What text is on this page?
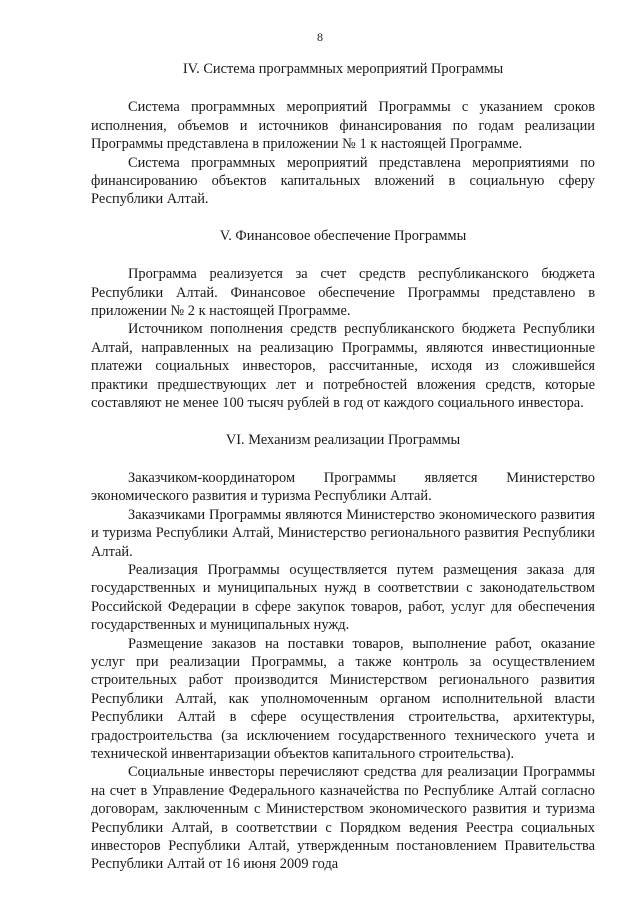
8
IV. Система программных мероприятий Программы

Система программных мероприятий Программы с указанием сроков исполнения, объемов и источников финансирования по годам реализации Программы представлена в приложении № 1 к настоящей Программе.

Система программных мероприятий представлена мероприятиями по финансированию объектов капитальных вложений в социальную сферу Республики Алтай.

V. Финансовое обеспечение Программы

Программа реализуется за счет средств республиканского бюджета Республики Алтай. Финансовое обеспечение Программы представлено в приложении № 2 к настоящей Программе.

Источником пополнения средств республиканского бюджета Республики Алтай, направленных на реализацию Программы, являются инвестиционные платежи социальных инвесторов, рассчитанные, исходя из сложившейся практики предшествующих лет и потребностей вложения средств, которые составляют не менее 100 тысяч рублей в год от каждого социального инвестора.

VI. Механизм реализации Программы

Заказчиком-координатором Программы является Министерство экономического развития и туризма Республики Алтай.

Заказчиками Программы являются Министерство экономического развития и туризма Республики Алтай, Министерство регионального развития Республики Алтай.

Реализация Программы осуществляется путем размещения заказа для государственных и муниципальных нужд в соответствии с законодательством Российской Федерации в сфере закупок товаров, работ, услуг для обеспечения государственных и муниципальных нужд.

Размещение заказов на поставки товаров, выполнение работ, оказание услуг при реализации Программы, а также контроль за осуществлением строительных работ производится Министерством регионального развития Республики Алтай, как уполномоченным органом исполнительной власти Республики Алтай в сфере осуществления строительства, архитектуры, градостроительства (за исключением государственного технического учета и технической инвентаризации объектов капитального строительства).

Социальные инвесторы перечисляют средства для реализации Программы на счет в Управление Федерального казначейства по Республике Алтай согласно договорам, заключенным с Министерством экономического развития и туризма Республики Алтай, в соответствии с Порядком ведения Реестра социальных инвесторов Республики Алтай, утвержденным постановлением Правительства Республики Алтай от 16 июня 2009 года
